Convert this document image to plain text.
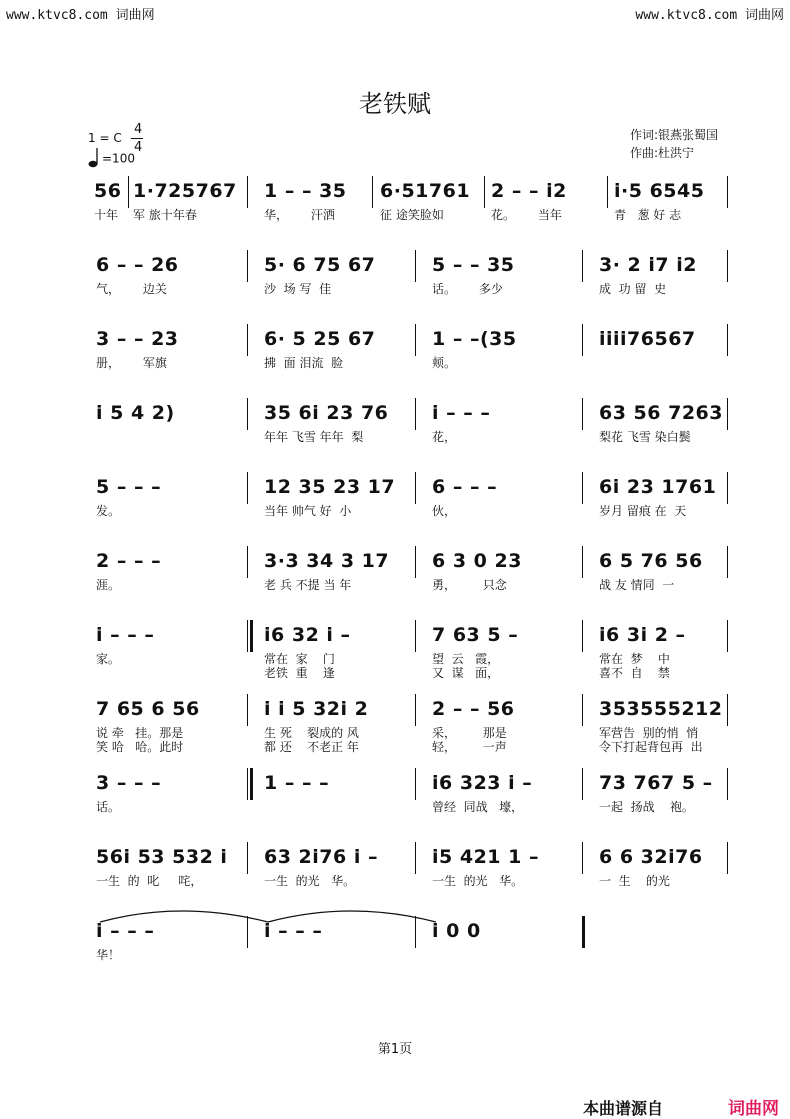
www.ktvc8.com 词曲网	www.ktvc8.com 词曲网
老铁赋
1 = C
4
4
=100
作词:银燕张蜀国
作曲:杜洪宁
56
十年
1·725767
军 旅十年春
1 – – 35
华，      汗洒
6·51761
征 途笑脸如
2 – – i2
花。      当年
i·5 6545
青   葱 好 志
6 – – 26
气，      边关
5· 6 75 67
沙  场 写  佳
5 – – 35
话。      多少
3· 2 i7 i2
成  功 留  史
3 – – 23
册，      军旗
6· 5 25 67
拂  面 泪流  脸
1 – –(35
颊。
iiii76567
i 5 4 2)	35 6i 23 76
年年 飞雪 年年  梨
i – – –
花，
63 56 7263
梨花 飞雪 染白鬓
5 – – –
发。
12 35 23 17
当年 帅气 好  小
6 – – –
伙，
6i 23 1761
岁月 留痕 在  天
2 – – –
涯。
3·3 34 3 17
老 兵 不提 当 年
6 3 0 23
勇，       只念
6 5 76 56
战 友 情同  一
i – – –
家。
i6 32 i –
常在  家    门
老铁  重    逢
7 63 5 –
望  云   霞，
又  谋   面，
i6 3i 2 –
常在  梦    中
喜不  自    禁
7 65 6 56
说 牵   挂。那是
笑 哈   哈。此时
i i 5 32i 2
生 死    裂成的 风
都 还    不老正 年
2 – – 56
采，       那是
轻，       一声
353555212
军营告  别的悄  悄
令下打起背包再  出
3 – – –
话。
1 – – –	i6 323 i –
曾经  同战   壕，
73 767 5 –
一起  扬战    袍。
56i 53 532 i
一生  的  叱     咤，
63 2i76 i –
一生  的光   华。
i5 421 1 –
一生  的光   华。
6 6 32i76
一  生    的光
i – – –
华！
i – – –	i 0 0
第1页
本曲谱源自	词曲网
